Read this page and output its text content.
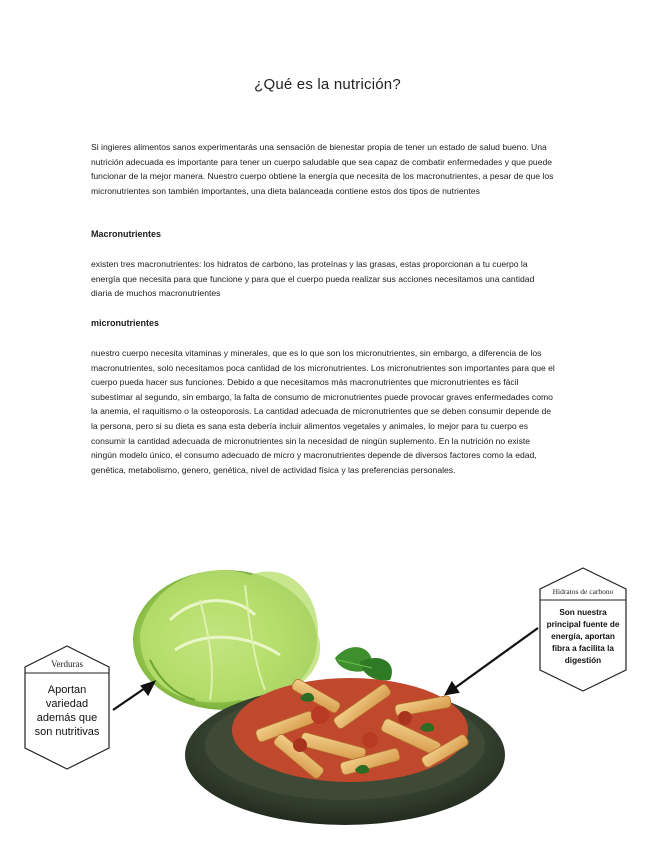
¿Qué es la nutrición?

Si ingieres alimentos sanos experimentarás una sensación de bienestar propia de tener un estado de salud bueno. Una nutrición adecuada es importante para tener un cuerpo saludable que sea capaz de combatir enfermedades y que puede funcionar de la mejor manera. Nuestro cuerpo obtiene la energía que necesita de los macronutrientes, a pesar de que los micronutrientes son también importantes, una dieta balanceada contiene estos dos tipos de nutrientes

Macronutrientes

existen tres macronutrientes: los hidratos de carbono, las proteínas y las grasas, estas proporcionan a tu cuerpo la energía que necesita para que funcione y para que el cuerpo pueda realizar sus acciones necesitamos una cantidad diaria de muchos macronutrientes

micronutrientes

nuestro cuerpo necesita vitaminas y minerales, que es lo que son los micronutrientes, sin embargo, a diferencia de los macronutrientes, solo necesitamos poca cantidad de los micronutrientes. Los micronutrientes son importantes para que el cuerpo pueda hacer sus funciones. Debido a que necesitamos más macronutrientes que micronutrientes es fácil subestimar al segundo, sin embargo, la falta de consumo de micronutrientes puede provocar graves enfermedades como la anemia, el raquitismo o la osteoporosis. La cantidad adecuada de micronutrientes que se deben consumir depende de la persona, pero si su dieta es sana esta debería incluir alimentos vegetales y animales, lo mejor para tu cuerpo es consumir la cantidad adecuada de micronutrientes sin la necesidad de ningún suplemento. En la nutrición no existe ningún modelo único, el consumo adecuado de micro y macronutrientes depende de diversos factores como la edad, genética, metabolismo, genero, genética, nivel de actividad física y las preferencias personales.

Verduras
Aportan variedad además que son nutritivas
Hidratos de carbono
Son nuestra principal fuente de energía, aportan fibra a facilita la digestión
